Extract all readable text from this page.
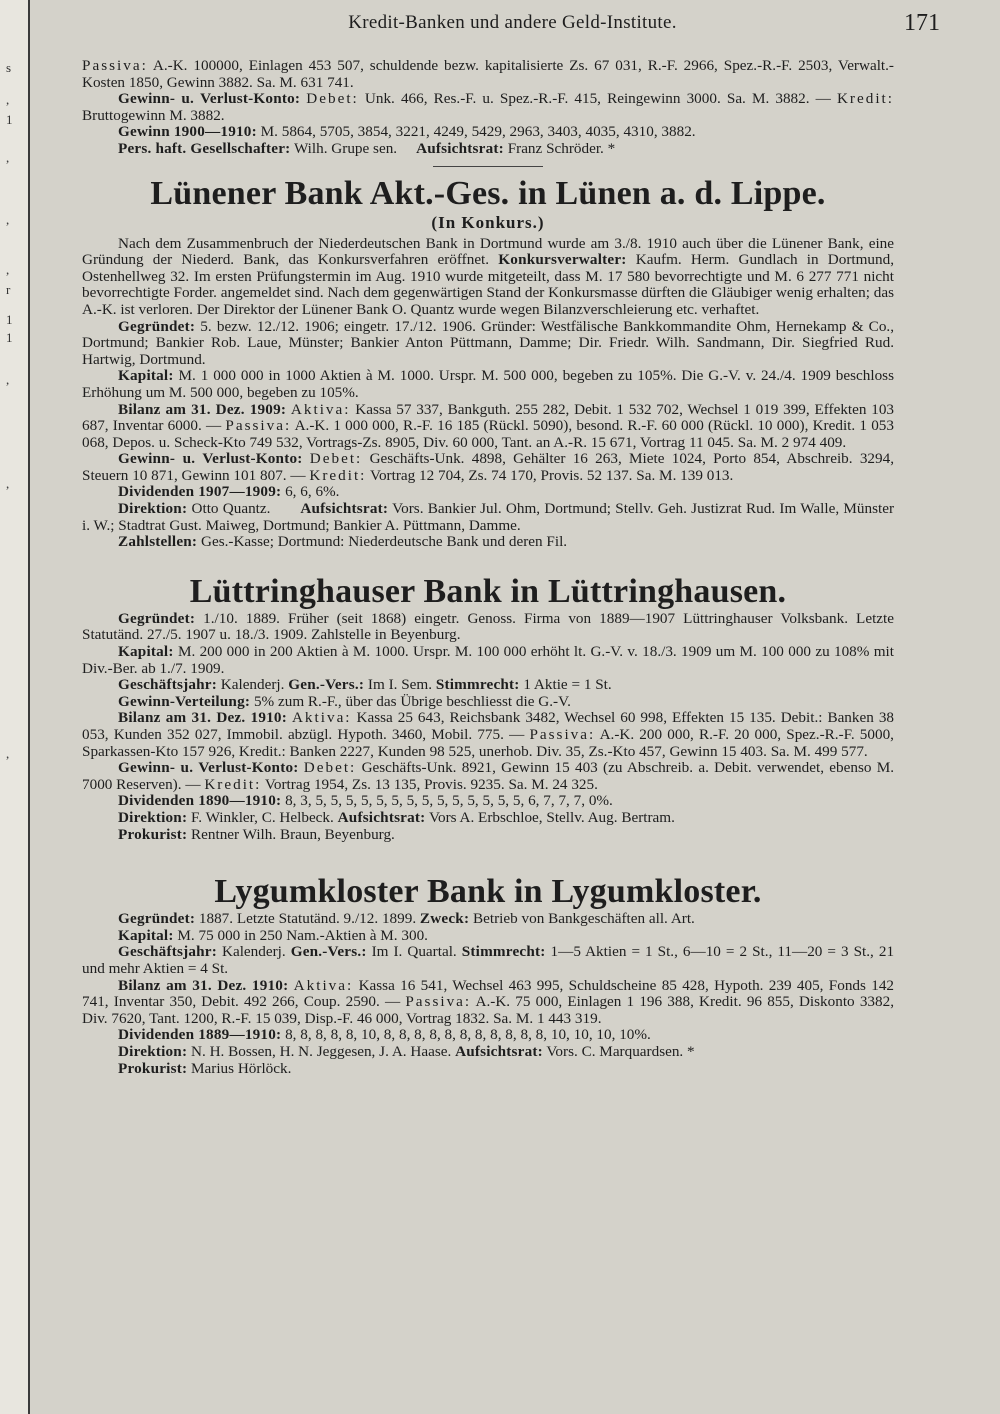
s
,
1
,
,
,
r
1
1
,
,
,
Kredit-Banken und andere Geld-Institute.	171

Passiva: A.-K. 100000, Einlagen 453 507, schuldende bezw. kapitalisierte Zs. 67 031, R.-F. 2966, Spez.-R.-F. 2503, Verwalt.-Kosten 1850, Gewinn 3882. Sa. M. 631 741.

Gewinn- u. Verlust-Konto: Debet: Unk. 466, Res.-F. u. Spez.-R.-F. 415, Reingewinn 3000. Sa. M. 3882. — Kredit: Bruttogewinn M. 3882.

Gewinn 1900—1910: M. 5864, 5705, 3854, 3221, 4249, 5429, 2963, 3403, 4035, 4310, 3882.

Pers. haft. Gesellschafter: Wilh. Grupe sen. Aufsichtsrat: Franz Schröder. *

Lünener Bank Akt.-Ges. in Lünen a. d. Lippe.
(In Konkurs.)

Nach dem Zusammenbruch der Niederdeutschen Bank in Dortmund wurde am 3./8. 1910 auch über die Lünener Bank, eine Gründung der Niederd. Bank, das Konkursverfahren eröffnet. Konkursverwalter: Kaufm. Herm. Gundlach in Dortmund, Ostenhellweg 32. Im ersten Prüfungstermin im Aug. 1910 wurde mitgeteilt, dass M. 17 580 bevorrechtigte und M. 6 277 771 nicht bevorrechtigte Forder. angemeldet sind. Nach dem gegenwärtigen Stand der Konkursmasse dürften die Gläubiger wenig erhalten; das A.-K. ist verloren. Der Direktor der Lünener Bank O. Quantz wurde wegen Bilanzverschleierung etc. verhaftet.

Gegründet: 5. bezw. 12./12. 1906; eingetr. 17./12. 1906. Gründer: Westfälische Bankkommandite Ohm, Hernekamp & Co., Dortmund; Bankier Rob. Laue, Münster; Bankier Anton Püttmann, Damme; Dir. Friedr. Wilh. Sandmann, Dir. Siegfried Rud. Hartwig, Dortmund.

Kapital: M. 1 000 000 in 1000 Aktien à M. 1000. Urspr. M. 500 000, begeben zu 105%. Die G.-V. v. 24./4. 1909 beschloss Erhöhung um M. 500 000, begeben zu 105%.

Bilanz am 31. Dez. 1909: Aktiva: Kassa 57 337, Bankguth. 255 282, Debit. 1 532 702, Wechsel 1 019 399, Effekten 103 687, Inventar 6000. — Passiva: A.-K. 1 000 000, R.-F. 16 185 (Rückl. 5090), besond. R.-F. 60 000 (Rückl. 10 000), Kredit. 1 053 068, Depos. u. Scheck-Kto 749 532, Vortrags-Zs. 8905, Div. 60 000, Tant. an A.-R. 15 671, Vortrag 11 045. Sa. M. 2 974 409.

Gewinn- u. Verlust-Konto: Debet: Geschäfts-Unk. 4898, Gehälter 16 263, Miete 1024, Porto 854, Abschreib. 3294, Steuern 10 871, Gewinn 101 807. — Kredit: Vortrag 12 704, Zs. 74 170, Provis. 52 137. Sa. M. 139 013.

Dividenden 1907—1909: 6, 6, 6%.

Direktion: Otto Quantz. Aufsichtsrat: Vors. Bankier Jul. Ohm, Dortmund; Stellv. Geh. Justizrat Rud. Im Walle, Münster i. W.; Stadtrat Gust. Maiweg, Dortmund; Bankier A. Püttmann, Damme.

Zahlstellen: Ges.-Kasse; Dortmund: Niederdeutsche Bank und deren Fil.

Lüttringhauser Bank in Lüttringhausen.

Gegründet: 1./10. 1889. Früher (seit 1868) eingetr. Genoss. Firma von 1889—1907 Lüttringhauser Volksbank. Letzte Statutänd. 27./5. 1907 u. 18./3. 1909. Zahlstelle in Beyenburg.

Kapital: M. 200 000 in 200 Aktien à M. 1000. Urspr. M. 100 000 erhöht lt. G.-V. v. 18./3. 1909 um M. 100 000 zu 108% mit Div.-Ber. ab 1./7. 1909.

Geschäftsjahr: Kalenderj. Gen.-Vers.: Im I. Sem. Stimmrecht: 1 Aktie = 1 St.

Gewinn-Verteilung: 5% zum R.-F., über das Übrige beschliesst die G.-V.

Bilanz am 31. Dez. 1910: Aktiva: Kassa 25 643, Reichsbank 3482, Wechsel 60 998, Effekten 15 135. Debit.: Banken 38 053, Kunden 352 027, Immobil. abzügl. Hypoth. 3460, Mobil. 775. — Passiva: A.-K. 200 000, R.-F. 20 000, Spez.-R.-F. 5000, Sparkassen-Kto 157 926, Kredit.: Banken 2227, Kunden 98 525, unerhob. Div. 35, Zs.-Kto 457, Gewinn 15 403. Sa. M. 499 577.

Gewinn- u. Verlust-Konto: Debet: Geschäfts-Unk. 8921, Gewinn 15 403 (zu Abschreib. a. Debit. verwendet, ebenso M. 7000 Reserven). — Kredit: Vortrag 1954, Zs. 13 135, Provis. 9235. Sa. M. 24 325.

Dividenden 1890—1910: 8, 3, 5, 5, 5, 5, 5, 5, 5, 5, 5, 5, 5, 5, 5, 5, 6, 7, 7, 7, 0%.

Direktion: F. Winkler, C. Helbeck. Aufsichtsrat: Vors A. Erbschloe, Stellv. Aug. Bertram.

Prokurist: Rentner Wilh. Braun, Beyenburg.

Lygumkloster Bank in Lygumkloster.

Gegründet: 1887. Letzte Statutänd. 9./12. 1899. Zweck: Betrieb von Bankgeschäften all. Art.

Kapital: M. 75 000 in 250 Nam.-Aktien à M. 300.

Geschäftsjahr: Kalenderj. Gen.-Vers.: Im I. Quartal. Stimmrecht: 1—5 Aktien = 1 St., 6—10 = 2 St., 11—20 = 3 St., 21 und mehr Aktien = 4 St.

Bilanz am 31. Dez. 1910: Aktiva: Kassa 16 541, Wechsel 463 995, Schuldscheine 85 428, Hypoth. 239 405, Fonds 142 741, Inventar 350, Debit. 492 266, Coup. 2590. — Passiva: A.-K. 75 000, Einlagen 1 196 388, Kredit. 96 855, Diskonto 3382, Div. 7620, Tant. 1200, R.-F. 15 039, Disp.-F. 46 000, Vortrag 1832. Sa. M. 1 443 319.

Dividenden 1889—1910: 8, 8, 8, 8, 8, 10, 8, 8, 8, 8, 8, 8, 8, 8, 8, 8, 8, 10, 10, 10, 10%.

Direktion: N. H. Bossen, H. N. Jeggesen, J. A. Haase. Aufsichtsrat: Vors. C. Marquardsen. *

Prokurist: Marius Hörlöck.
